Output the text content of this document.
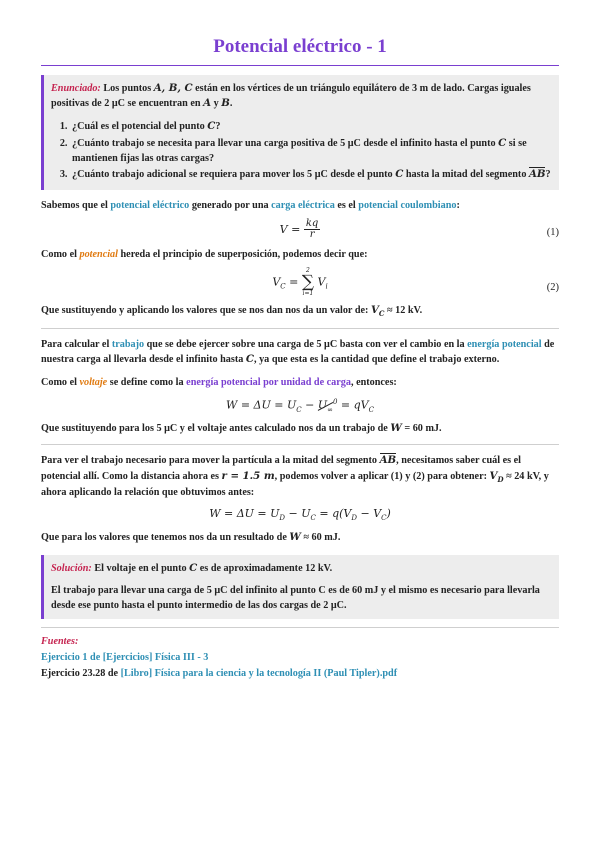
Potencial eléctrico - 1

Enunciado: Los puntos A, B, C están en los vértices de un triángulo equilátero de 3 m de lado. Cargas iguales positivas de 2 μC se encuentran en A y B.

1. ¿Cuál es el potencial del punto C?
2. ¿Cuánto trabajo se necesita para llevar una carga positiva de 5 μC desde el infinito hasta el punto C si se mantienen fijas las otras cargas?
3. ¿Cuánto trabajo adicional se requiera para mover los 5 μC desde el punto C hasta la mitad del segmento AB?

Sabemos que el potencial eléctrico generado por una carga eléctrica es el potencial coulombiano:

$V = \frac{kq}{r}$	(1)

Como el potencial hereda el principio de superposición, podemos decir que:

$V_C$ =
2
∑
i=1
$V_i$	(2)

Que sustituyendo y aplicando los valores que se nos dan nos da un valor de: $V_C \approx 12$ kV.

Para calcular el trabajo que se debe ejercer sobre una carga de 5 μC basta con ver el cambio en la energía potencial de nuestra carga al llevarla desde el infinito hasta C, ya que esta es la cantidad que define el trabajo externo.

Como el voltaje se define como la energía potencial por unidad de carga, entonces:

$W = \Delta U = U_C - U_\infty^0 = qV_C$

Que sustituyendo para los 5 μC y el voltaje antes calculado nos da un trabajo de W = 60 mJ.

Para ver el trabajo necesario para mover la partícula a la mitad del segmento AB, necesitamos saber cuál es el potencial allí. Como la distancia ahora es r = 1.5 m, podemos volver a aplicar (1) y (2) para obtener: $V_D \approx 24$ kV, y ahora aplicando la relación que obtuvimos antes:

$W = \Delta U = U_D - U_C = q(V_D - V_C)$

Que para los valores que tenemos nos da un resultado de W ≈ 60 mJ.

Solución: El voltaje en el punto C es de aproximadamente 12 kV.

El trabajo para llevar una carga de 5 μC del infinito al punto C es de 60 mJ y el mismo es necesario para llevarla desde ese punto hasta el punto intermedio de las dos cargas de 2 μC.

Fuentes:
Ejercicio 1 de [Ejercicios] Física III - 3
Ejercicio 23.28 de [Libro] Física para la ciencia y la tecnología II (Paul Tipler).pdf
